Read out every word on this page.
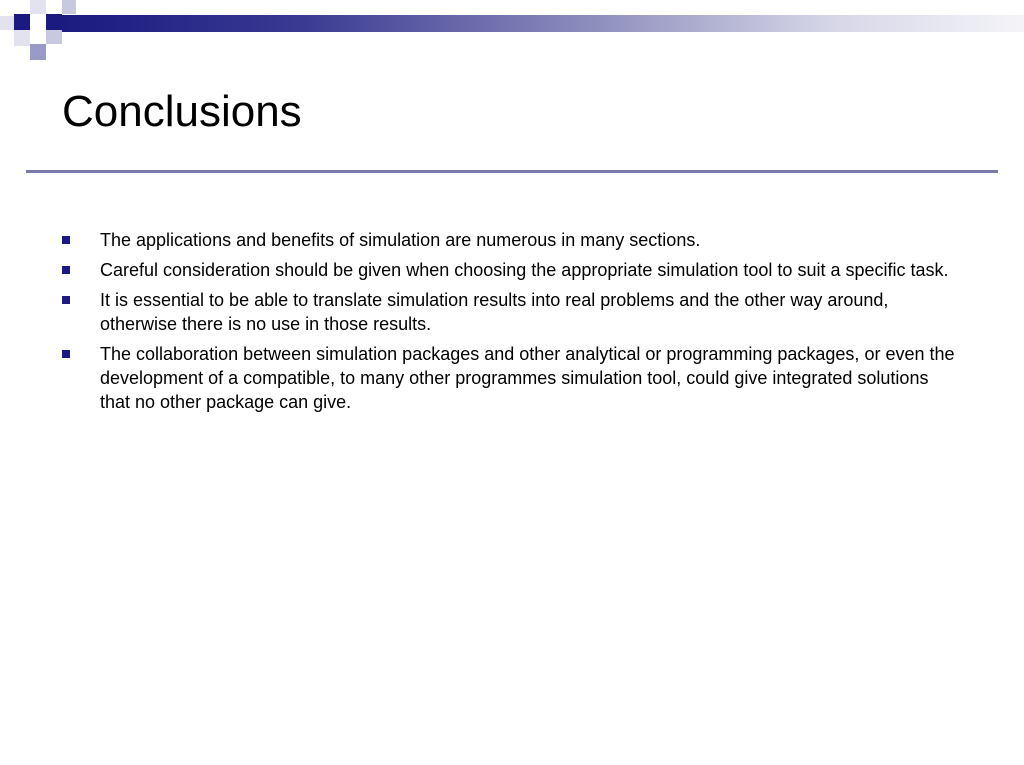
Conclusions
The applications and benefits of simulation are numerous in many sections.
Careful consideration should be given when choosing the appropriate simulation tool to suit a specific task.
It is essential to be able to translate simulation results into real problems and the other way around, otherwise there is no use in those results.
The collaboration between simulation packages and other analytical or programming packages, or even the development of a compatible, to many other programmes simulation tool, could give integrated solutions that no other package can give.
